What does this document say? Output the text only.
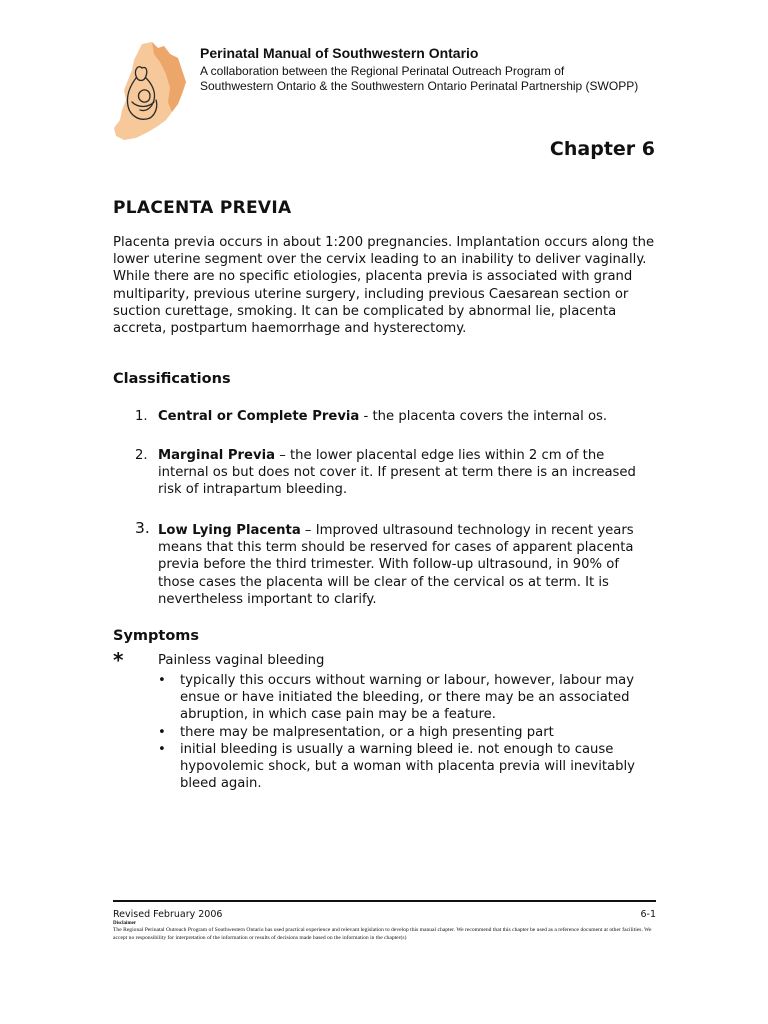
Perinatal Manual of Southwestern Ontario
A collaboration between the Regional Perinatal Outreach Program of
Southwestern Ontario & the Southwestern Ontario Perinatal Partnership (SWOPP)
Chapter 6
PLACENTA PREVIA

Placenta previa occurs in about 1:200 pregnancies. Implantation occurs along the lower uterine segment over the cervix leading to an inability to deliver vaginally. While there are no specific etiologies, placenta previa is associated with grand multiparity, previous uterine surgery, including previous Caesarean section or suction curettage, smoking. It can be complicated by abnormal lie, placenta accreta, postpartum haemorrhage and hysterectomy.

Classifications
1. Central or Complete Previa - the placenta covers the internal os.
2. Marginal Previa – the lower placental edge lies within 2 cm of the internal os but does not cover it. If present at term there is an increased risk of intrapartum bleeding.
3. Low Lying Placenta – Improved ultrasound technology in recent years means that this term should be reserved for cases of apparent placenta previa before the third trimester. With follow-up ultrasound, in 90% of those cases the placenta will be clear of the cervical os at term. It is nevertheless important to clarify.
Symptoms
*	Painless vaginal bleeding
• typically this occurs without warning or labour, however, labour may ensue or have initiated the bleeding, or there may be an associated abruption, in which case pain may be a feature.
• there may be malpresentation, or a high presenting part
• initial bleeding is usually a warning bleed ie. not enough to cause hypovolemic shock, but a woman with placenta previa will inevitably bleed again.
Revised February 2006	6-1
Disclaimer
The Regional Perinatal Outreach Program of Southwestern Ontario has used practical experience and relevant legislation to develop this manual chapter. We recommend that this chapter be used as a reference document at other facilities. We accept no responsibility for interpretation of the information or results of decisions made based on the information in the chapter(s)
